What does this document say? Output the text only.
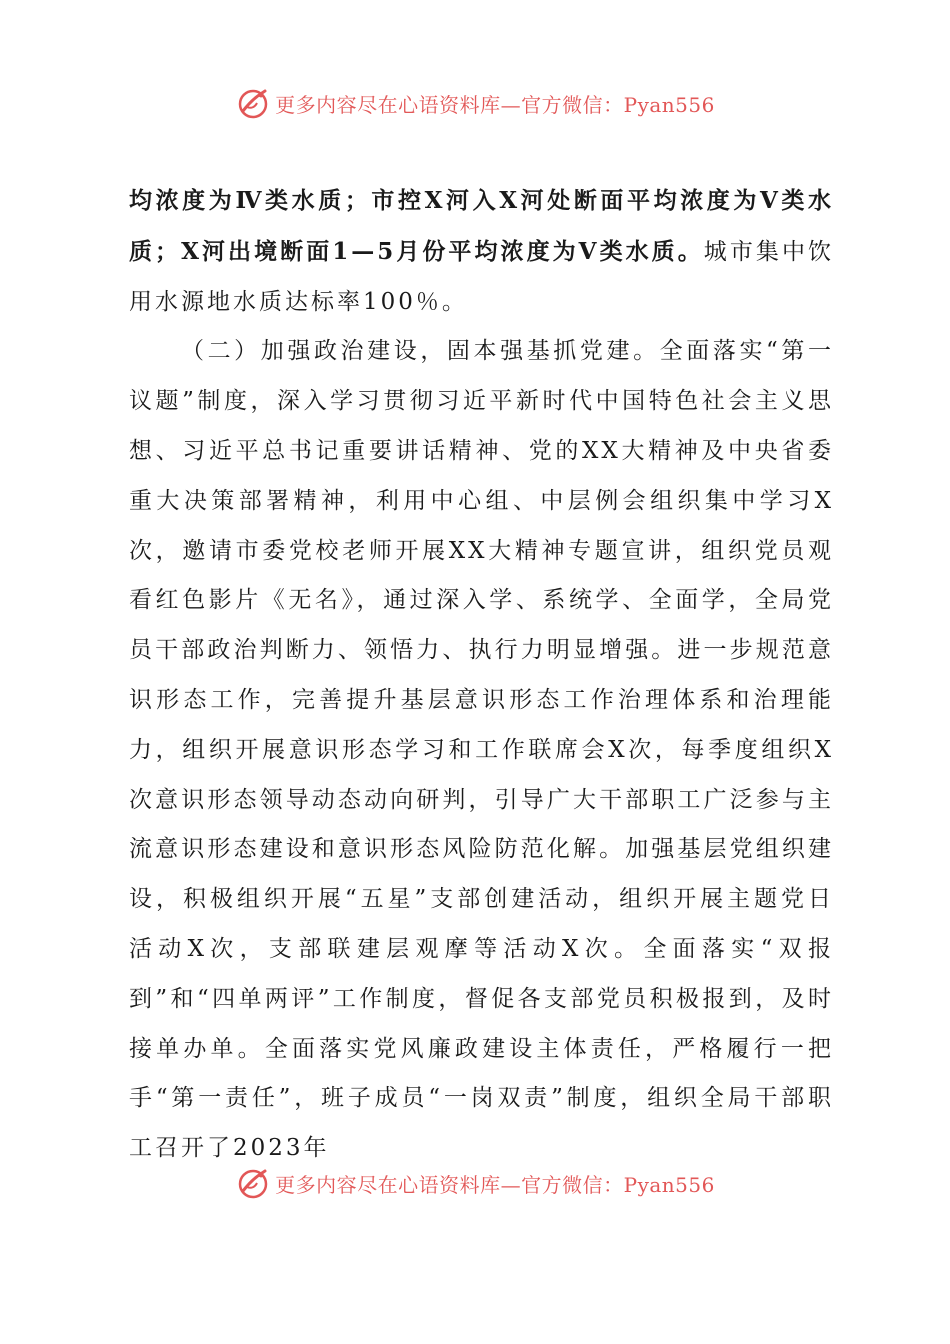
更多内容尽在心语资料库—官方微信：Pyan556

均浓度为Ⅳ类水质；市控Ⅹ河入Ⅹ河处断面平均浓度为Ⅴ类水质；Ⅹ河出境断面1—5月份平均浓度为Ⅴ类水质。城市集中饮用水源地水质达标率100％。

（二）加强政治建设，固本强基抓党建。全面落实“第一议题”制度，深入学习贯彻习近平新时代中国特色社会主义思想、习近平总书记重要讲话精神、党的XX大精神及中央省委重大决策部署精神，利用中心组、中层例会组织集中学习Ⅹ次，邀请市委党校老师开展XX大精神专题宣讲，组织党员观看红色影片《无名》，通过深入学、系统学、全面学，全局党员干部政治判断力、领悟力、执行力明显增强。进一步规范意识形态工作，完善提升基层意识形态工作治理体系和治理能力，组织开展意识形态学习和工作联席会Ⅹ次，每季度组织Ⅹ次意识形态领导动态动向研判，引导广大干部职工广泛参与主流意识形态建设和意识形态风险防范化解。加强基层党组织建设，积极组织开展“五星”支部创建活动，组织开展主题党日活动Ⅹ次，支部联建层观摩等活动Ⅹ次。全面落实“双报到”和“四单两评”工作制度，督促各支部党员积极报到，及时接单办单。全面落实党风廉政建设主体责任，严格履行一把手“第一责任”，班子成员“一岗双责”制度，组织全局干部职工召开了2023年

更多内容尽在心语资料库—官方微信：Pyan556
